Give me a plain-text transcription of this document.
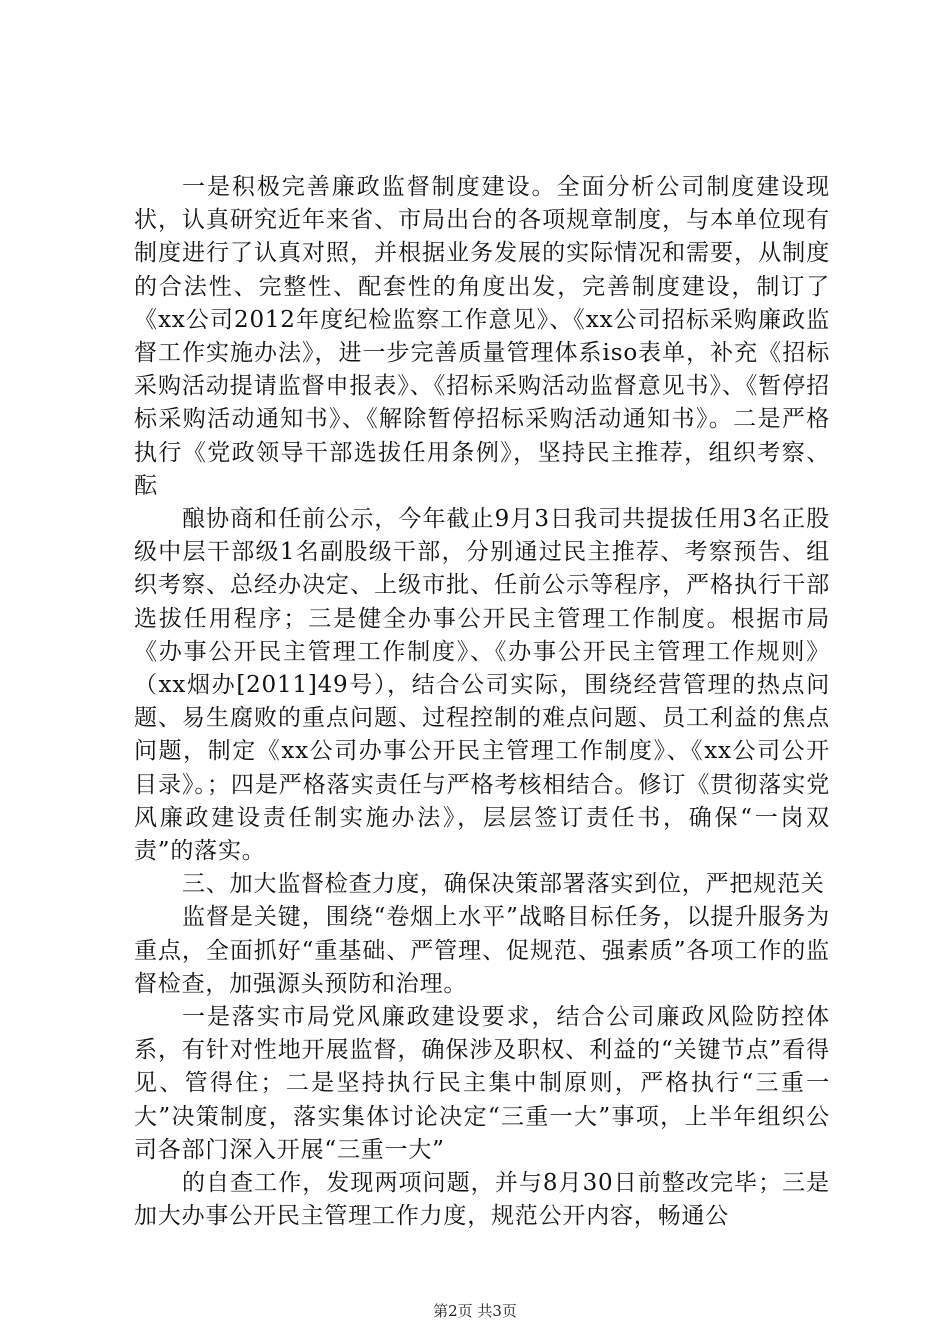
一是积极完善廉政监督制度建设。全面分析公司制度建设现状，认真研究近年来省、市局出台的各项规章制度，与本单位现有制度进行了认真对照，并根据业务发展的实际情况和需要，从制度的合法性、完整性、配套性的角度出发，完善制度建设，制订了《xx公司2012年度纪检监察工作意见》、《xx公司招标采购廉政监督工作实施办法》，进一步完善质量管理体系iso表单，补充《招标采购活动提请监督申报表》、《招标采购活动监督意见书》、《暂停招标采购活动通知书》、《解除暂停招标采购活动通知书》。二是严格执行《党政领导干部选拔任用条例》，坚持民主推荐，组织考察、酝

酿协商和任前公示，今年截止9月3日我司共提拔任用3名正股级中层干部级1名副股级干部，分别通过民主推荐、考察预告、组织考察、总经办决定、上级市批、任前公示等程序，严格执行干部选拔任用程序；三是健全办事公开民主管理工作制度。根据市局《办事公开民主管理工作制度》、《办事公开民主管理工作规则》（xx烟办[2011]49号），结合公司实际，围绕经营管理的热点问题、易生腐败的重点问题、过程控制的难点问题、员工利益的焦点问题，制定《xx公司办事公开民主管理工作制度》、《xx公司公开目录》。；四是严格落实责任与严格考核相结合。修订《贯彻落实党风廉政建设责任制实施办法》，层层签订责任书，确保“一岗双责”的落实。

三、加大监督检查力度，确保决策部署落实到位，严把规范关

监督是关键，围绕“卷烟上水平”战略目标任务，以提升服务为重点，全面抓好“重基础、严管理、促规范、强素质”各项工作的监督检查，加强源头预防和治理。

一是落实市局党风廉政建设要求，结合公司廉政风险防控体系，有针对性地开展监督，确保涉及职权、利益的“关键节点”看得见、管得住；二是坚持执行民主集中制原则，严格执行“三重一大”决策制度，落实集体讨论决定“三重一大”事项，上半年组织公司各部门深入开展“三重一大”

的自查工作，发现两项问题，并与8月30日前整改完毕；三是加大办事公开民主管理工作力度，规范公开内容，畅通公

第2页 共3页
